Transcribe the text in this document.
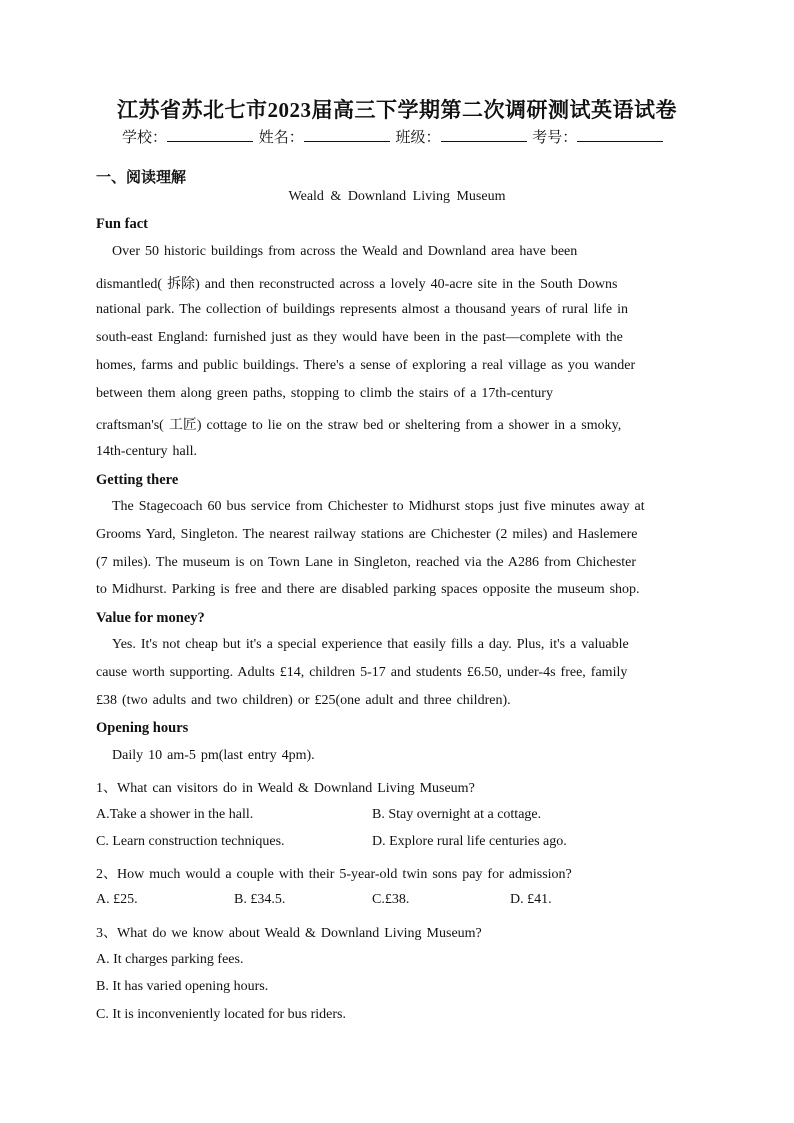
江苏省苏北七市2023届高三下学期第二次调研测试英语试卷
学校：	姓名：	班级：	考号：
一、阅读理解
Weald & Downland Living Museum
Fun fact
Over 50 historic buildings from across the Weald and Downland area have been
dismantled( 拆除) and then reconstructed across a lovely 40-acre site in the South Downs
national park. The collection of buildings represents almost a thousand years of rural life in
south-east England: furnished just as they would have been in the past—complete with the
homes, farms and public buildings. There's a sense of exploring a real village as you wander
between them along green paths, stopping to climb the stairs of a 17th-century
craftsman's( 工匠) cottage to lie on the straw bed or sheltering from a shower in a smoky,
14th-century hall.
Getting there
The Stagecoach 60 bus service from Chichester to Midhurst stops just five minutes away at
Grooms Yard, Singleton. The nearest railway stations are Chichester (2 miles) and Haslemere
(7 miles). The museum is on Town Lane in Singleton, reached via the A286 from Chichester
to Midhurst. Parking is free and there are disabled parking spaces opposite the museum shop.
Value for money?
Yes. It's not cheap but it's a special experience that easily fills a day. Plus, it's a valuable
cause worth supporting. Adults £14, children 5-17 and students £6.50, under-4s free, family
£38 (two adults and two children) or £25(one adult and three children).
Opening hours
Daily 10 am-5 pm(last entry 4pm).
1、What can visitors do in Weald & Downland Living Museum?
A.Take a shower in the hall.	B. Stay overnight at a cottage.
C. Learn construction techniques.	D. Explore rural life centuries ago.
2、How much would a couple with their 5-year-old twin sons pay for admission?
A. £25.	B. £34.5.	C.£38.	D. £41.
3、What do we know about Weald & Downland Living Museum?
A. It charges parking fees.
B. It has varied opening hours.
C. It is inconveniently located for bus riders.
